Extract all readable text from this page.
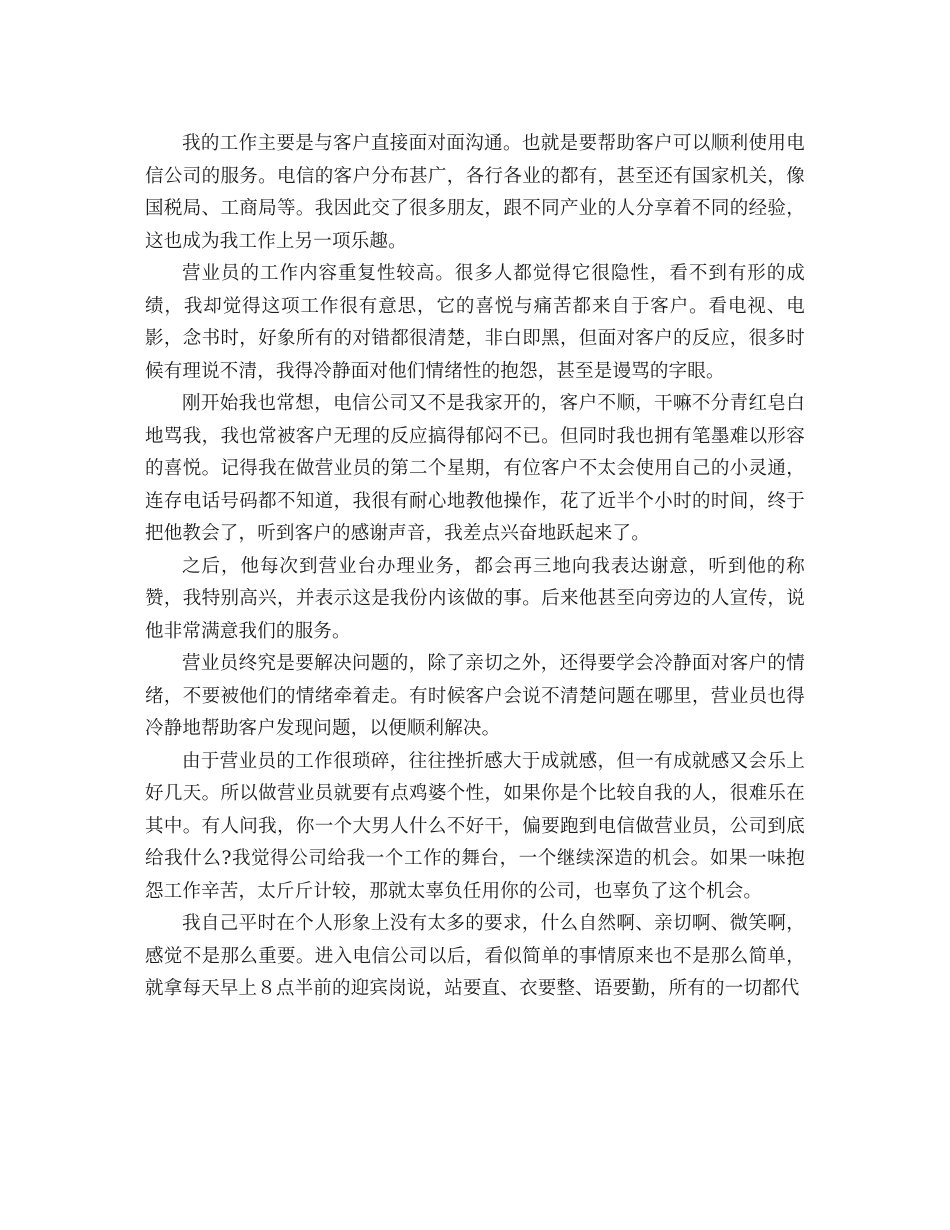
我的工作主要是与客户直接面对面沟通。也就是要帮助客户可以顺利使用电信公司的服务。电信的客户分布甚广，各行各业的都有，甚至还有国家机关，像国税局、工商局等。我因此交了很多朋友，跟不同产业的人分享着不同的经验，这也成为我工作上另一项乐趣。

营业员的工作内容重复性较高。很多人都觉得它很隐性，看不到有形的成绩，我却觉得这项工作很有意思，它的喜悦与痛苦都来自于客户。看电视、电影，念书时，好象所有的对错都很清楚，非白即黑，但面对客户的反应，很多时候有理说不清，我得冷静面对他们情绪性的抱怨，甚至是谩骂的字眼。

刚开始我也常想，电信公司又不是我家开的，客户不顺，干嘛不分青红皂白地骂我，我也常被客户无理的反应搞得郁闷不已。但同时我也拥有笔墨难以形容的喜悦。记得我在做营业员的第二个星期，有位客户不太会使用自己的小灵通，连存电话号码都不知道，我很有耐心地教他操作，花了近半个小时的时间，终于把他教会了，听到客户的感谢声音，我差点兴奋地跃起来了。

之后，他每次到营业台办理业务，都会再三地向我表达谢意，听到他的称赞，我特别高兴，并表示这是我份内该做的事。后来他甚至向旁边的人宣传，说他非常满意我们的服务。

营业员终究是要解决问题的，除了亲切之外，还得要学会冷静面对客户的情绪，不要被他们的情绪牵着走。有时候客户会说不清楚问题在哪里，营业员也得冷静地帮助客户发现问题，以便顺利解决。

由于营业员的工作很琐碎，往往挫折感大于成就感，但一有成就感又会乐上好几天。所以做营业员就要有点鸡婆个性，如果你是个比较自我的人，很难乐在其中。有人问我，你一个大男人什么不好干，偏要跑到电信做营业员，公司到底给我什么?我觉得公司给我一个工作的舞台，一个继续深造的机会。如果一味抱怨工作辛苦，太斤斤计较，那就太辜负任用你的公司，也辜负了这个机会。

我自己平时在个人形象上没有太多的要求，什么自然啊、亲切啊、微笑啊，感觉不是那么重要。进入电信公司以后，看似简单的事情原来也不是那么简单，就拿每天早上８点半前的迎宾岗说，站要直、衣要整、语要勤，所有的一切都代
